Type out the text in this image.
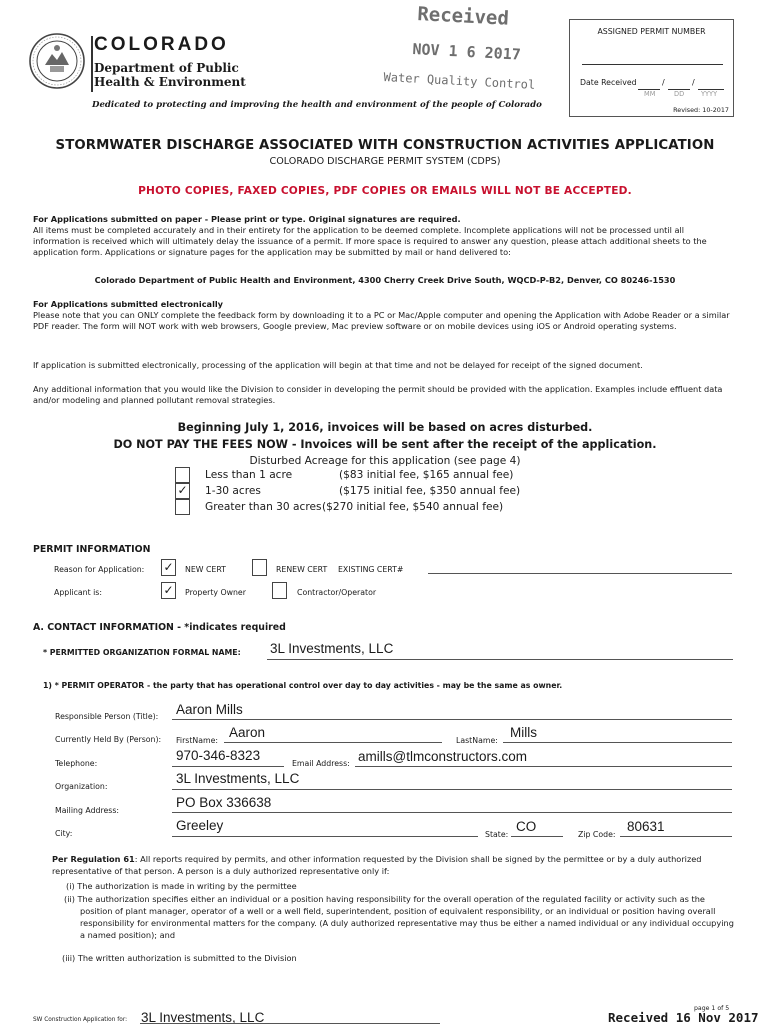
COLORADO
Department of Public
Health & Environment
Dedicated to protecting and improving the health and environment of the people of Colorado
Received
NOV 1 6 2017
Water Quality Control
ASSIGNED PERMIT NUMBER
Date Received	/	/
MM	DD	YYYY
Revised: 10-2017
STORMWATER DISCHARGE ASSOCIATED WITH CONSTRUCTION ACTIVITIES APPLICATION
COLORADO DISCHARGE PERMIT SYSTEM (CDPS)
PHOTO COPIES, FAXED COPIES, PDF COPIES OR EMAILS WILL NOT BE ACCEPTED.
For Applications submitted on paper - Please print or type. Original signatures are required.
All items must be completed accurately and in their entirety for the application to be deemed complete. Incomplete applications will not be processed until all information is received which will ultimately delay the issuance of a permit. If more space is required to answer any question, please attach additional sheets to the application form. Applications or signature pages for the application may be submitted by mail or hand delivered to:
Colorado Department of Public Health and Environment, 4300 Cherry Creek Drive South, WQCD-P-B2, Denver, CO 80246-1530
For Applications submitted electronically
Please note that you can ONLY complete the feedback form by downloading it to a PC or Mac/Apple computer and opening the Application with Adobe Reader or a similar PDF reader. The form will NOT work with web browsers, Google preview, Mac preview software or on mobile devices using iOS or Android operating systems.
If application is submitted electronically, processing of the application will begin at that time and not be delayed for receipt of the signed document.
Any additional information that you would like the Division to consider in developing the permit should be provided with the application. Examples include effluent data and/or modeling and planned pollutant removal strategies.
Beginning July 1, 2016, invoices will be based on acres disturbed.
DO NOT PAY THE FEES NOW - Invoices will be sent after the receipt of the application.
Disturbed Acreage for this application (see page 4)
Less than 1 acre	($83 initial fee, $165 annual fee)
✓ 1-30 acres	($175 initial fee, $350 annual fee)
Greater than 30 acres ($270 initial fee, $540 annual fee)
PERMIT INFORMATION
Reason for Application: ✓	NEW CERT	RENEW CERT EXISTING CERT#
Applicant is:	✓	Property Owner	Contractor/Operator
A. CONTACT INFORMATION - *indicates required
* PERMITTED ORGANIZATION FORMAL NAME: 3L Investments, LLC
1) * PERMIT OPERATOR - the party that has operational control over day to day activities - may be the same as owner.
Responsible Person (Title): Aaron Mills
Currently Held By (Person): FirstName:
Aaron
LastName:
Mills
Telephone:
970-346-8323
Email Address: amills@tlmconstructors.com
Organization:
3L Investments, LLC
Mailing Address:
PO Box 336638
City:
Greeley
State:
CO
Zip Code:
80631
Per Regulation 61: All reports required by permits, and other information requested by the Division shall be signed by the permittee or by a duly authorized representative of that person. A person is a duly authorized representative only if:
(i) The authorization is made in writing by the permittee
(ii) The authorization specifies either an individual or a position having responsibility for the overall operation of the regulated facility or activity such as the position of plant manager, operator of a well or a well field, superintendent, position of equivalent responsibility, or an individual or position having overall responsibility for environmental matters for the company. (A duly authorized representative may thus be either a named individual or any individual occupying a named position); and
(iii) The written authorization is submitted to the Division
SW Construction Application for: 3L Investments, LLC
page 1 of 5
Received 16 Nov 2017
